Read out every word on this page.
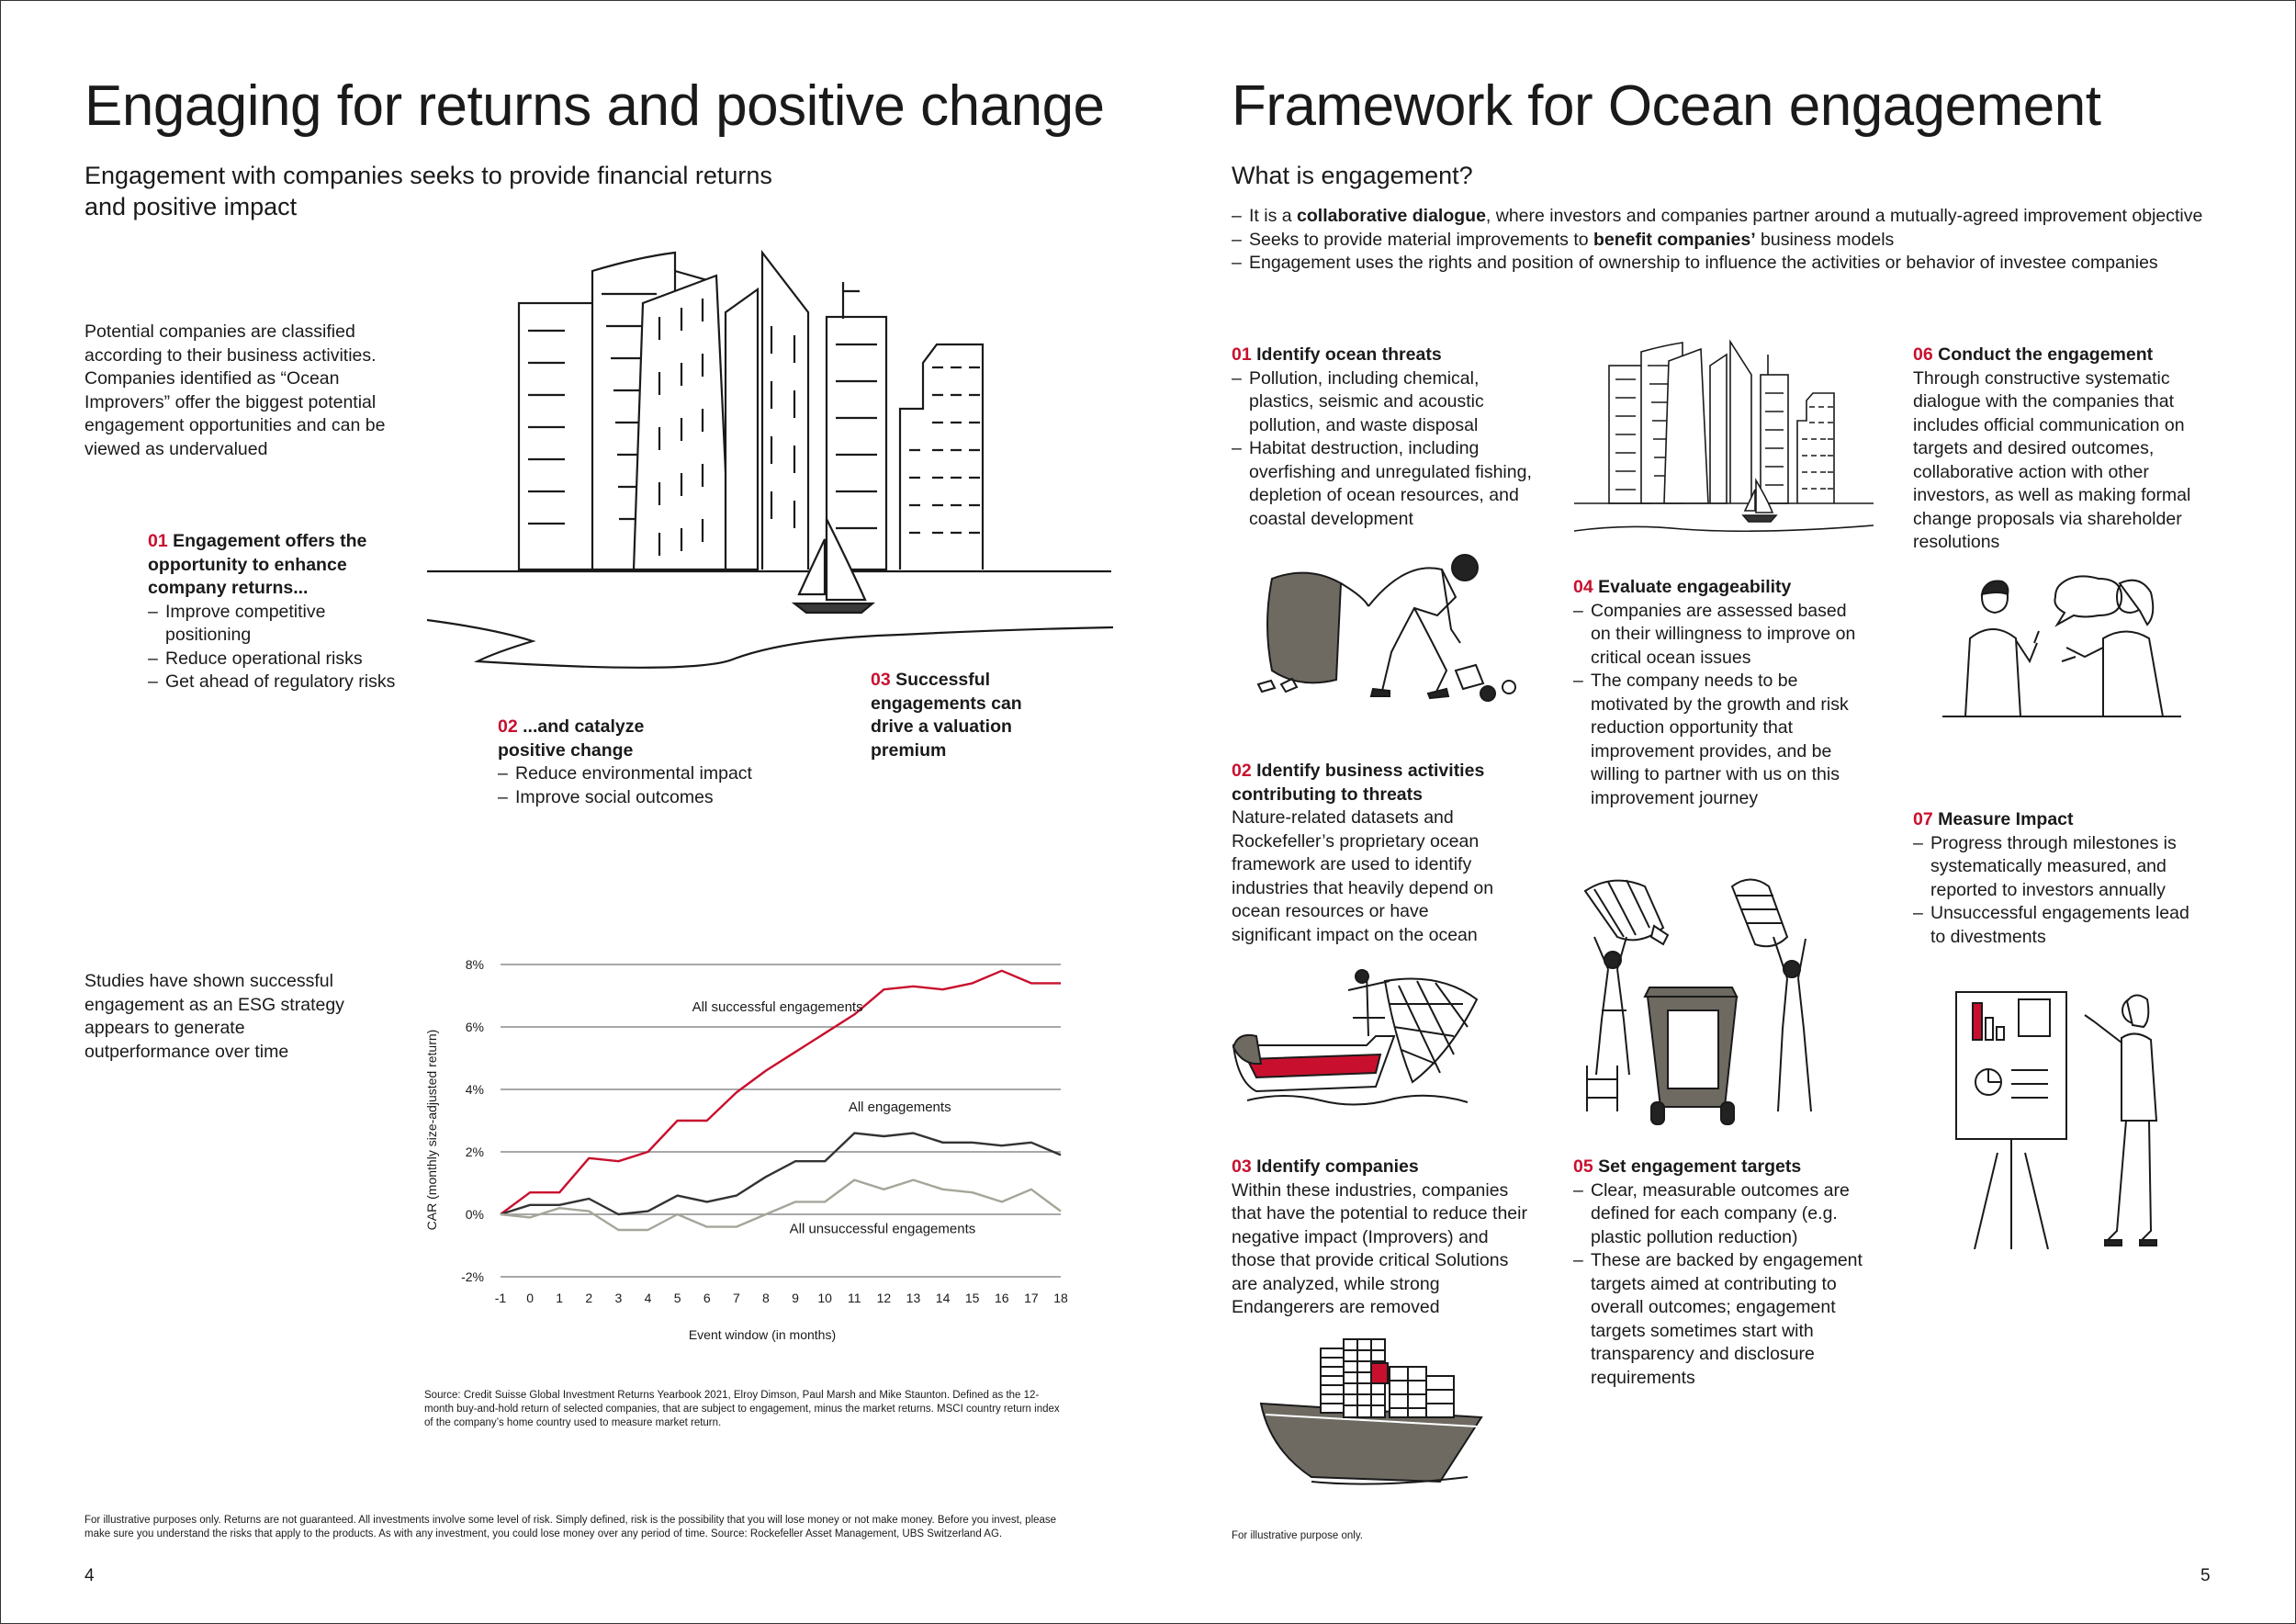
Engaging for returns and positive change
Engagement with companies seeks to provide financial returns
and positive impact
Potential companies are classified according to their business activities. Companies identified as “Ocean Improvers” offer the biggest potential engagement opportunities and can be viewed as undervalued
01 Engagement offers the opportunity to enhance company returns...
– Improve competitive positioning
– Reduce operational risks
– Get ahead of regulatory risks
02 ...and catalyze positive change
– Reduce environmental impact
– Improve social outcomes
03 Successful engagements can drive a valuation premium
Studies have shown successful engagement as an ESG strategy appears to generate outperformance over time
-2%
0%
2%
4%
6%
8%
-1 0 1 2 3 4 5 6 7 8 9 10 11 12 13 14 15 16 17 18
All successful engagements
All engagements
All unsuccessful engagements
Event window (in months)
CAR (monthly size-adjusted return)
Source: Credit Suisse Global Investment Returns Yearbook 2021, Elroy Dimson, Paul Marsh and Mike Staunton. Defined as the 12-month buy-and-hold return of selected companies, that are subject to engagement, minus the market returns. MSCI country return index of the company’s home country used to measure market return.
For illustrative purposes only. Returns are not guaranteed. All investments involve some level of risk. Simply defined, risk is the possibility that you will lose money or not make money. Before you invest, please make sure you understand the risks that apply to the products. As with any investment, you could lose money over any period of time. Source: Rockefeller Asset Management, UBS Switzerland AG.
4
Framework for Ocean engagement
What is engagement?
– It is a collaborative dialogue, where investors and companies partner around a mutually-agreed improvement objective
– Seeks to provide material improvements to benefit companies’ business models
– Engagement uses the rights and position of ownership to influence the activities or behavior of investee companies
01 Identify ocean threats
– Pollution, including chemical, plastics, seismic and acoustic pollution, and waste disposal
– Habitat destruction, including overfishing and unregulated fishing, depletion of ocean resources, and coastal development
02 Identify business activities contributing to threats
Nature-related datasets and Rockefeller’s proprietary ocean framework are used to identify industries that heavily depend on ocean resources or have significant impact on the ocean
03 Identify companies
Within these industries, companies that have the potential to reduce their negative impact (Improvers) and those that provide critical Solutions are analyzed, while strong Endangerers are removed
04 Evaluate engageability
– Companies are assessed based on their willingness to improve on critical ocean issues
– The company needs to be motivated by the growth and risk reduction opportunity that improvement provides, and be willing to partner with us on this improvement journey
05 Set engagement targets
– Clear, measurable outcomes are defined for each company (e.g. plastic pollution reduction)
– These are backed by engagement targets aimed at contributing to overall outcomes; engagement targets sometimes start with transparency and disclosure requirements
06 Conduct the engagement
Through constructive systematic dialogue with the companies that includes official communication on targets and desired outcomes, collaborative action with other investors, as well as making formal change proposals via shareholder resolutions
07 Measure Impact
– Progress through milestones is systematically measured, and reported to investors annually
– Unsuccessful engagements lead to divestments
For illustrative purpose only.
5
